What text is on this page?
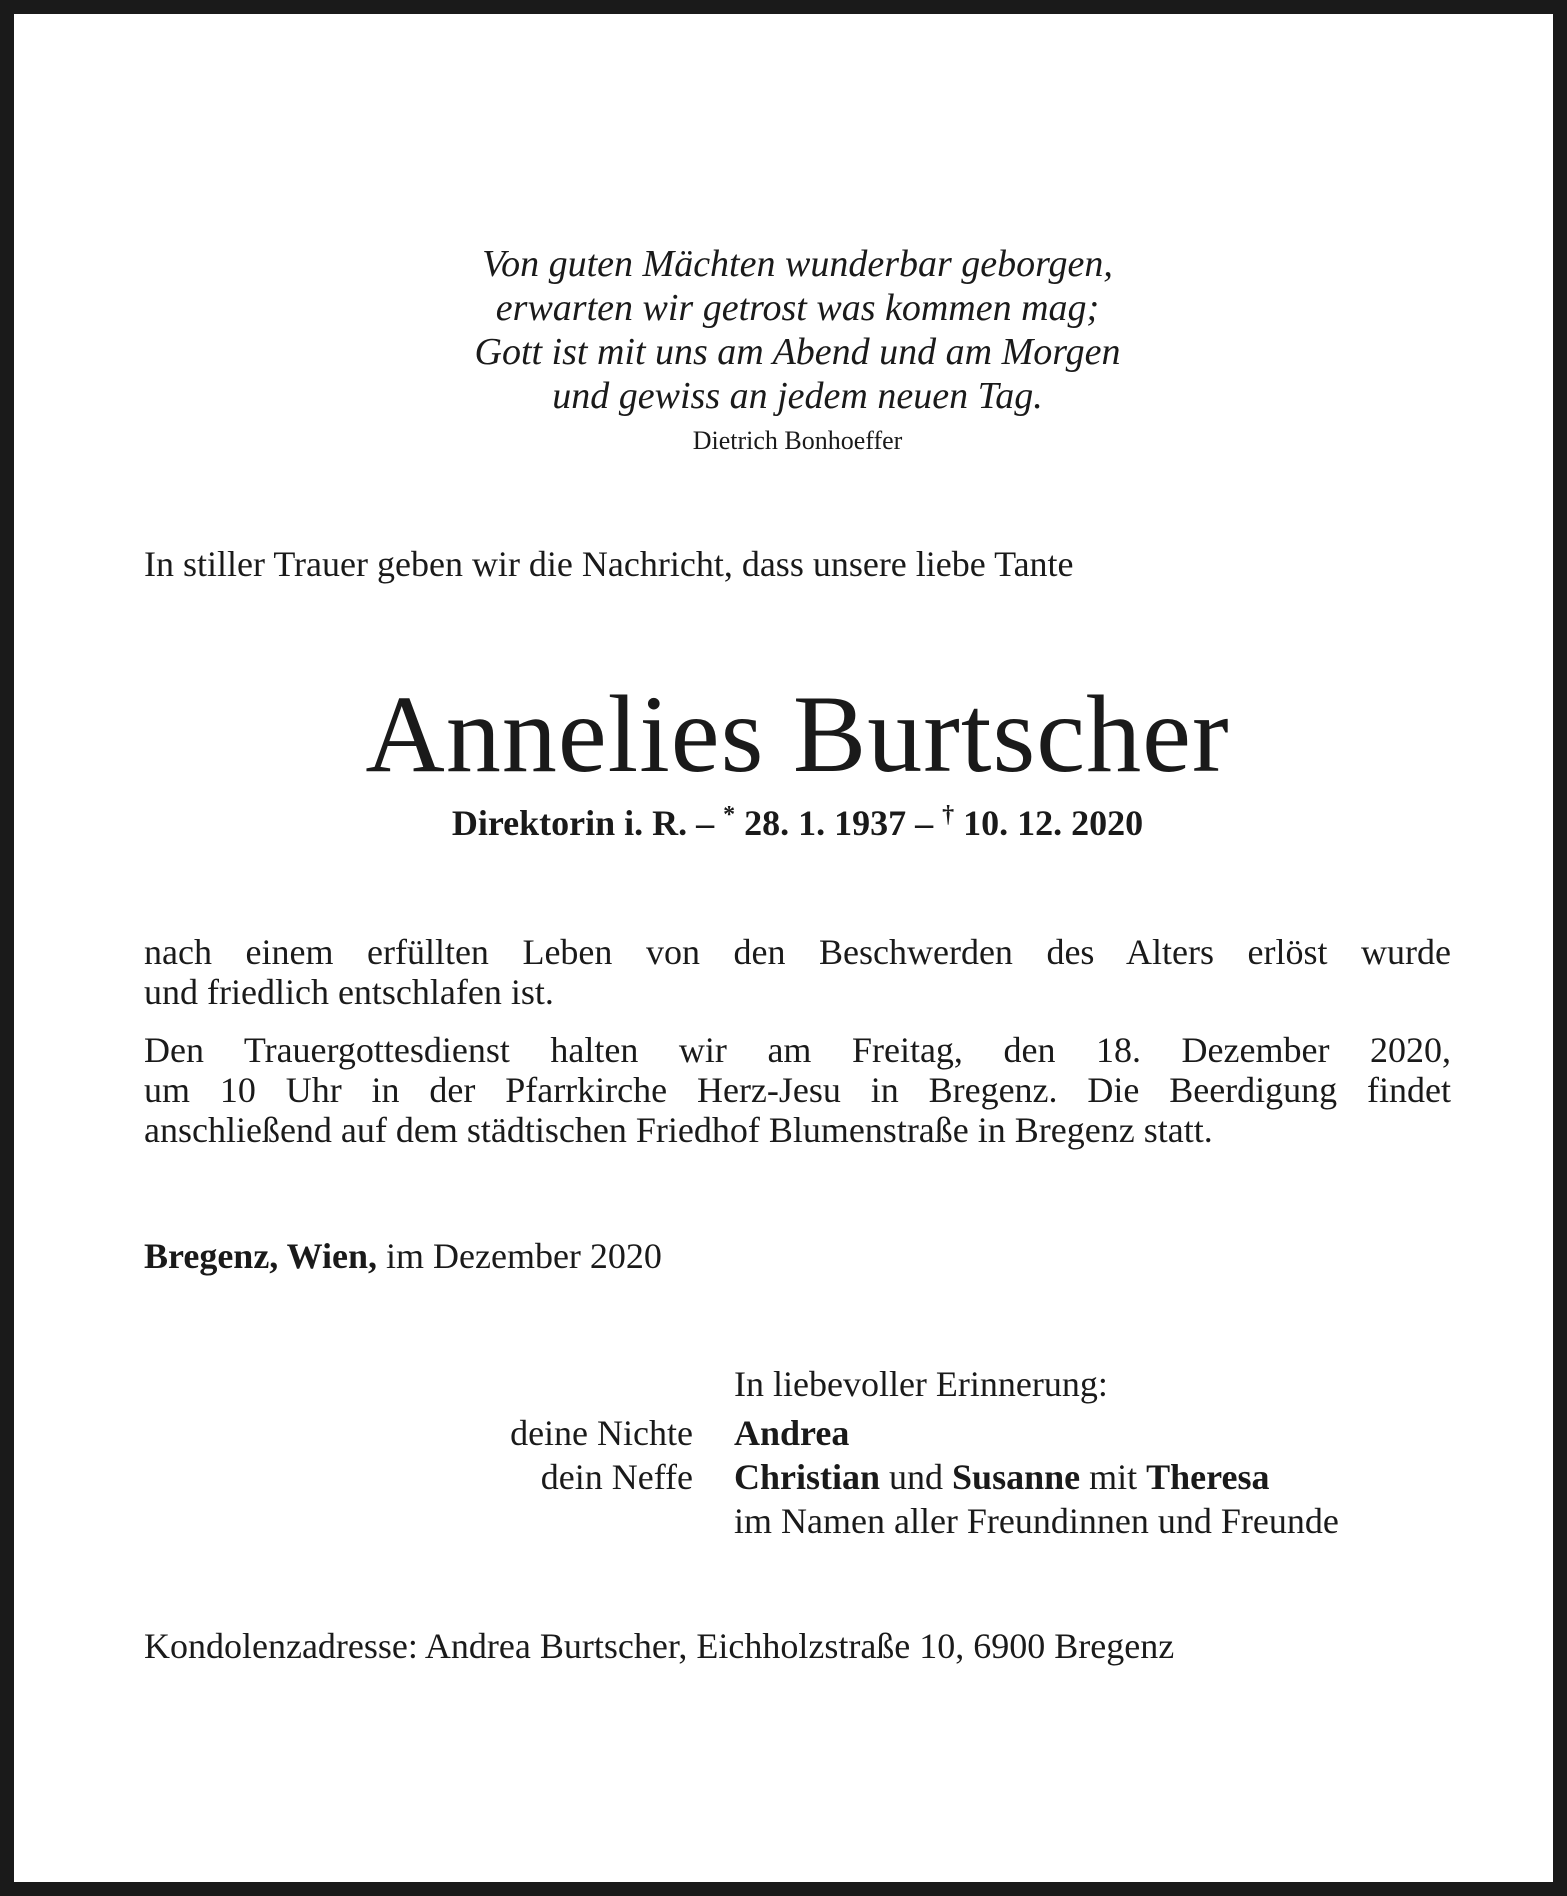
Von guten Mächten wunderbar geborgen,
erwarten wir getrost was kommen mag;
Gott ist mit uns am Abend und am Morgen
und gewiss an jedem neuen Tag.
Dietrich Bonhoeffer
In stiller Trauer geben wir die Nachricht, dass unsere liebe Tante
Annelies Burtscher
Direktorin i. R. – * 28. 1. 1937 – † 10. 12. 2020
nach einem erfüllten Leben von den Beschwerden des Alters erlöst wurde
und friedlich entschlafen ist.
Den Trauergottesdienst halten wir am Freitag, den 18. Dezember 2020,
um 10 Uhr in der Pfarrkirche Herz-Jesu in Bregenz. Die Beerdigung findet
anschließend auf dem städtischen Friedhof Blumenstraße in Bregenz statt.
Bregenz, Wien, im Dezember 2020
In liebevoller Erinnerung:
deine Nichte Andrea
dein Neffe Christian und Susanne mit Theresa
im Namen aller Freundinnen und Freunde
Kondolenzadresse: Andrea Burtscher, Eichholzstraße 10, 6900 Bregenz
